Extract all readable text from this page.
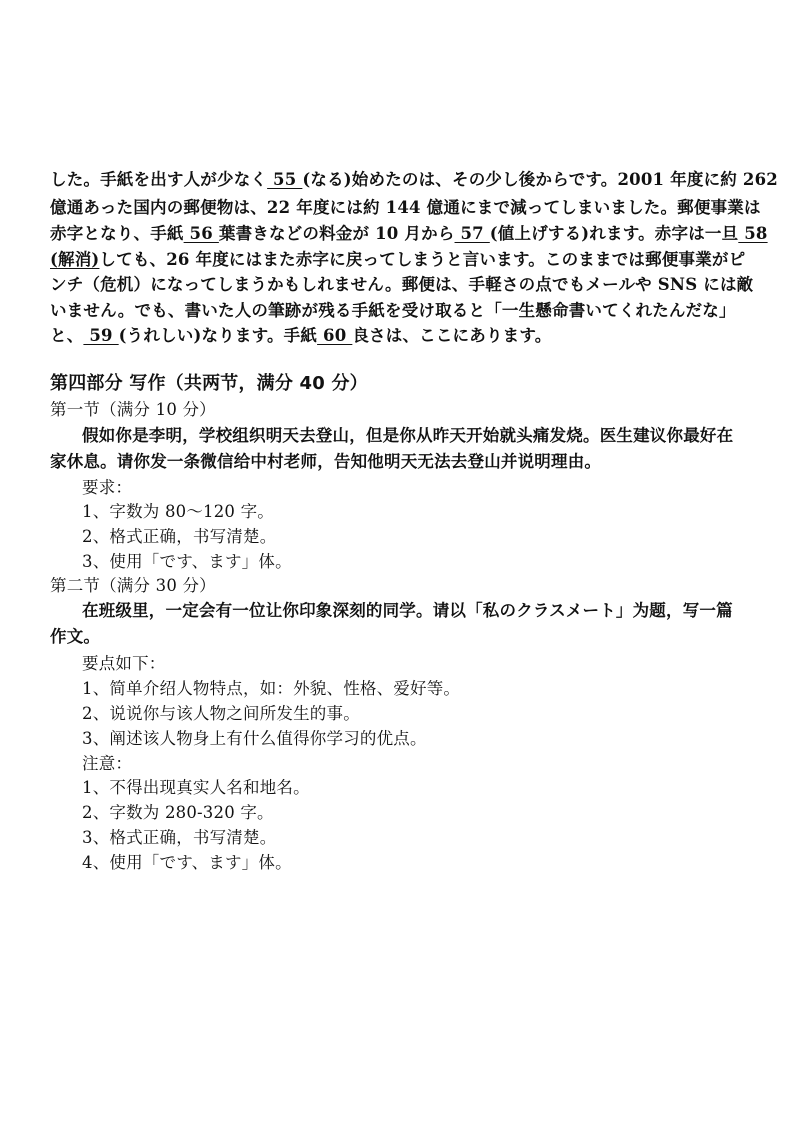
した。手紙を出す人が少なく 55 (なる)始めたのは、その少し後からです。2001 年度に約 262
億通あった国内の郵便物は、22 年度には約 144 億通にまで減ってしまいました。郵便事業は
赤字となり、手紙 56 葉書きなどの料金が 10 月から 57 (値上げする)れます。赤字は一旦 58
(解消)しても、26 年度にはまた赤字に戻ってしまうと言います。このままでは郵便事業がピ
ンチ（危机）になってしまうかもしれません。郵便は、手軽さの点でもメールや SNS には敵
いません。でも、書いた人の筆跡が残る手紙を受け取ると「一生懸命書いてくれたんだな」
と、 59 (うれしい)なります。手紙 60 良さは、ここにあります。
第四部分 写作（共两节，满分 40 分）
第一节（满分 10 分）
假如你是李明，学校组织明天去登山，但是你从昨天开始就头痛发烧。医生建议你最好在
家休息。请你发一条微信给中村老师，告知他明天无法去登山并说明理由。
要求：
1、字数为 80～120 字。
2、格式正确，书写清楚。
3、使用「です、ます」体。
第二节（满分 30 分）
在班级里，一定会有一位让你印象深刻的同学。请以「私のクラスメート」为题，写一篇
作文。
要点如下：
1、简单介绍人物特点，如：外貌、性格、爱好等。
2、说说你与该人物之间所发生的事。
3、阐述该人物身上有什么值得你学习的优点。
注意：
1、不得出现真实人名和地名。
2、字数为 280-320 字。
3、格式正确，书写清楚。
4、使用「です、ます」体。
